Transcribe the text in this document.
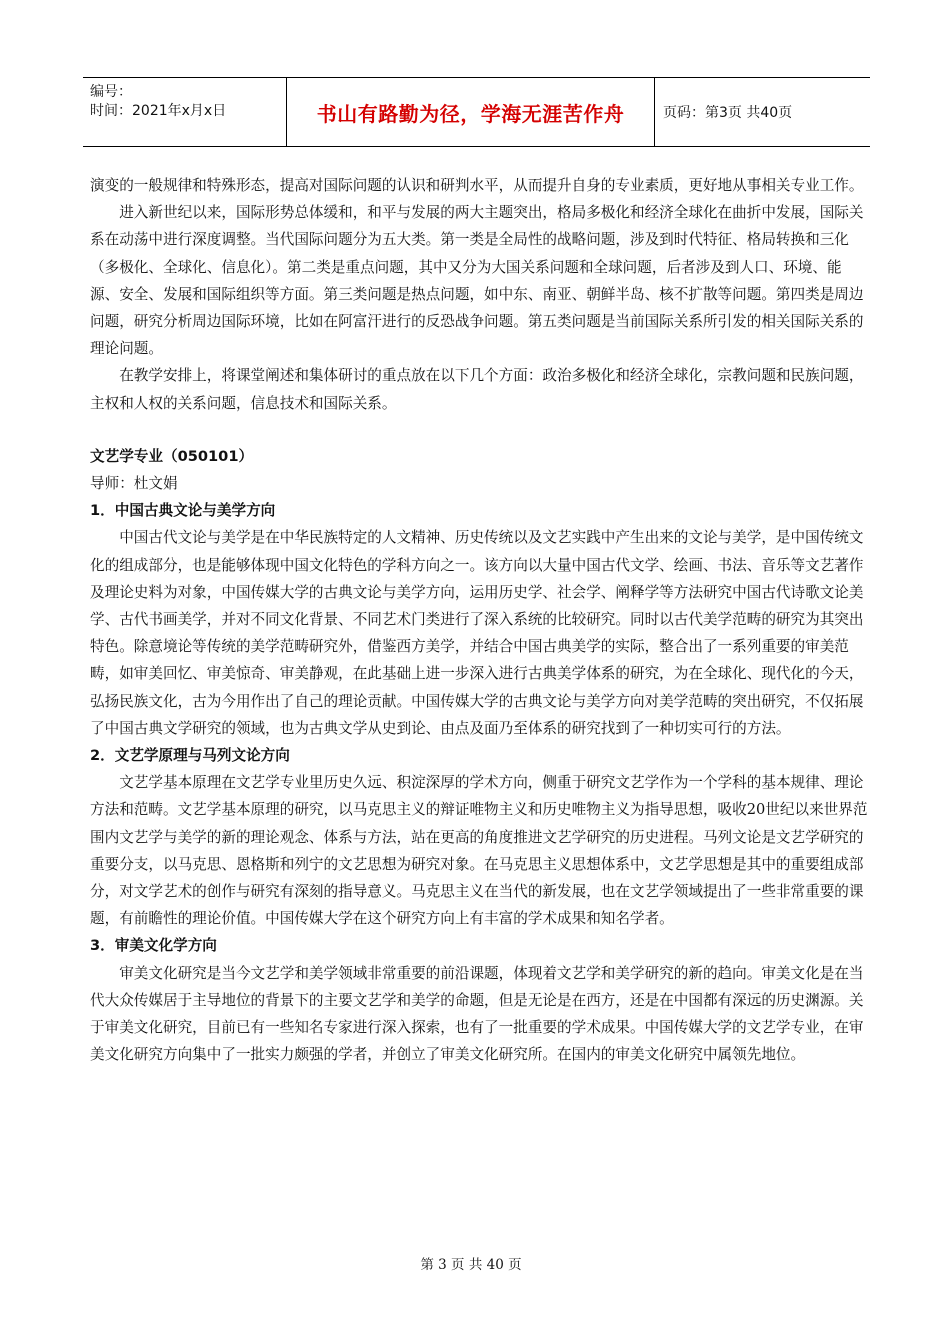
编号：
时间：2021年x月x日	书山有路勤为径，学海无涯苦作舟	页码：第3页 共40页

演变的一般规律和特殊形态，提高对国际问题的认识和研判水平，从而提升自身的专业素质，更好地从事相关专业工作。

进入新世纪以来，国际形势总体缓和，和平与发展的两大主题突出，格局多极化和经济全球化在曲折中发展，国际关系在动荡中进行深度调整。当代国际问题分为五大类。第一类是全局性的战略问题，涉及到时代特征、格局转换和三化（多极化、全球化、信息化）。第二类是重点问题，其中又分为大国关系问题和全球问题，后者涉及到人口、环境、能源、安全、发展和国际组织等方面。第三类问题是热点问题，如中东、南亚、朝鲜半岛、核不扩散等问题。第四类是周边问题，研究分析周边国际环境，比如在阿富汗进行的反恐战争问题。第五类问题是当前国际关系所引发的相关国际关系的理论问题。

在教学安排上，将课堂阐述和集体研讨的重点放在以下几个方面：政治多极化和经济全球化，宗教问题和民族问题，主权和人权的关系问题，信息技术和国际关系。

文艺学专业（050101）

导师：杜文娟

1．中国古典文论与美学方向

中国古代文论与美学是在中华民族特定的人文精神、历史传统以及文艺实践中产生出来的文论与美学，是中国传统文化的组成部分，也是能够体现中国文化特色的学科方向之一。该方向以大量中国古代文学、绘画、书法、音乐等文艺著作及理论史料为对象，中国传媒大学的古典文论与美学方向，运用历史学、社会学、阐释学等方法研究中国古代诗歌文论美学、古代书画美学，并对不同文化背景、不同艺术门类进行了深入系统的比较研究。同时以古代美学范畴的研究为其突出特色。除意境论等传统的美学范畴研究外，借鉴西方美学，并结合中国古典美学的实际，整合出了一系列重要的审美范畴，如审美回忆、审美惊奇、审美静观，在此基础上进一步深入进行古典美学体系的研究，为在全球化、现代化的今天，弘扬民族文化，古为今用作出了自己的理论贡献。中国传媒大学的古典文论与美学方向对美学范畴的突出研究，不仅拓展了中国古典文学研究的领域，也为古典文学从史到论、由点及面乃至体系的研究找到了一种切实可行的方法。

2．文艺学原理与马列文论方向

文艺学基本原理在文艺学专业里历史久远、积淀深厚的学术方向，侧重于研究文艺学作为一个学科的基本规律、理论方法和范畴。文艺学基本原理的研究，以马克思主义的辩证唯物主义和历史唯物主义为指导思想，吸收20世纪以来世界范围内文艺学与美学的新的理论观念、体系与方法，站在更高的角度推进文艺学研究的历史进程。马列文论是文艺学研究的重要分支，以马克思、恩格斯和列宁的文艺思想为研究对象。在马克思主义思想体系中，文艺学思想是其中的重要组成部分，对文学艺术的创作与研究有深刻的指导意义。马克思主义在当代的新发展，也在文艺学领域提出了一些非常重要的课题，有前瞻性的理论价值。中国传媒大学在这个研究方向上有丰富的学术成果和知名学者。

3．审美文化学方向

审美文化研究是当今文艺学和美学领域非常重要的前沿课题，体现着文艺学和美学研究的新的趋向。审美文化是在当代大众传媒居于主导地位的背景下的主要文艺学和美学的命题，但是无论是在西方，还是在中国都有深远的历史渊源。关于审美文化研究，目前已有一些知名专家进行深入探索，也有了一批重要的学术成果。中国传媒大学的文艺学专业，在审美文化研究方向集中了一批实力颇强的学者，并创立了审美文化研究所。在国内的审美文化研究中属领先地位。

第 3 页 共 40 页
